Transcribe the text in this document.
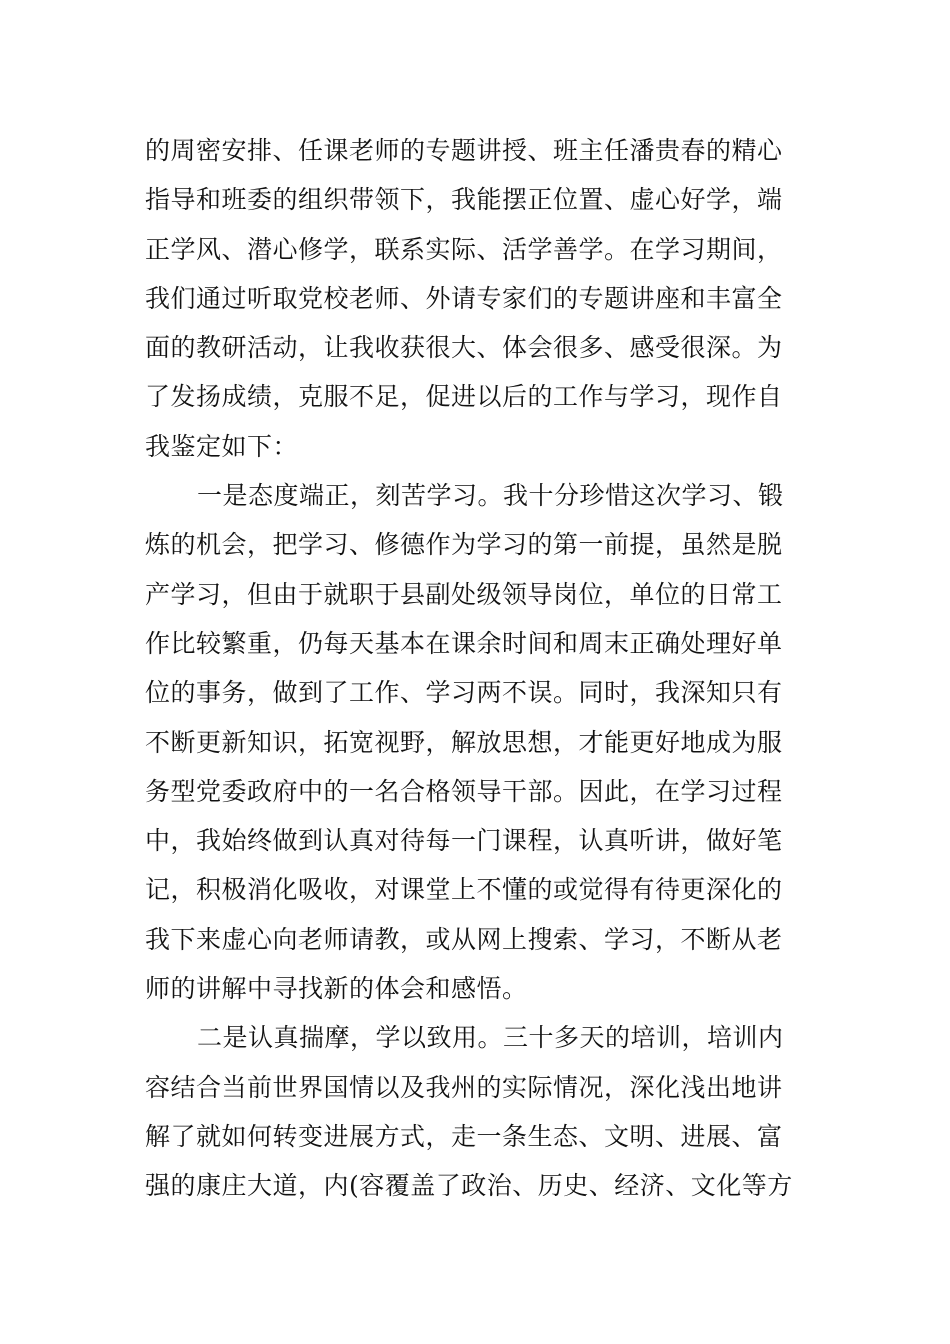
的周密安排、任课老师的专题讲授、班主任潘贵春的精心
指导和班委的组织带领下，我能摆正位置、虚心好学，端
正学风、潜心修学，联系实际、活学善学。在学习期间，
我们通过听取党校老师、外请专家们的专题讲座和丰富全
面的教研活动，让我收获很大、体会很多、感受很深。为
了发扬成绩，克服不足，促进以后的工作与学习，现作自
我鉴定如下：
一是态度端正，刻苦学习。我十分珍惜这次学习、锻
炼的机会，把学习、修德作为学习的第一前提，虽然是脱
产学习，但由于就职于县副处级领导岗位，单位的日常工
作比较繁重，仍每天基本在课余时间和周末正确处理好单
位的事务，做到了工作、学习两不误。同时，我深知只有
不断更新知识，拓宽视野，解放思想，才能更好地成为服
务型党委政府中的一名合格领导干部。因此，在学习过程
中，我始终做到认真对待每一门课程，认真听讲，做好笔
记，积极消化吸收，对课堂上不懂的或觉得有待更深化的
我下来虚心向老师请教，或从网上搜索、学习，不断从老
师的讲解中寻找新的体会和感悟。
二是认真揣摩，学以致用。三十多天的培训，培训内
容结合当前世界国情以及我州的实际情况，深化浅出地讲
解了就如何转变进展方式，走一条生态、文明、进展、富
强的康庄大道，内(容覆盖了政治、历史、经济、文化等方
